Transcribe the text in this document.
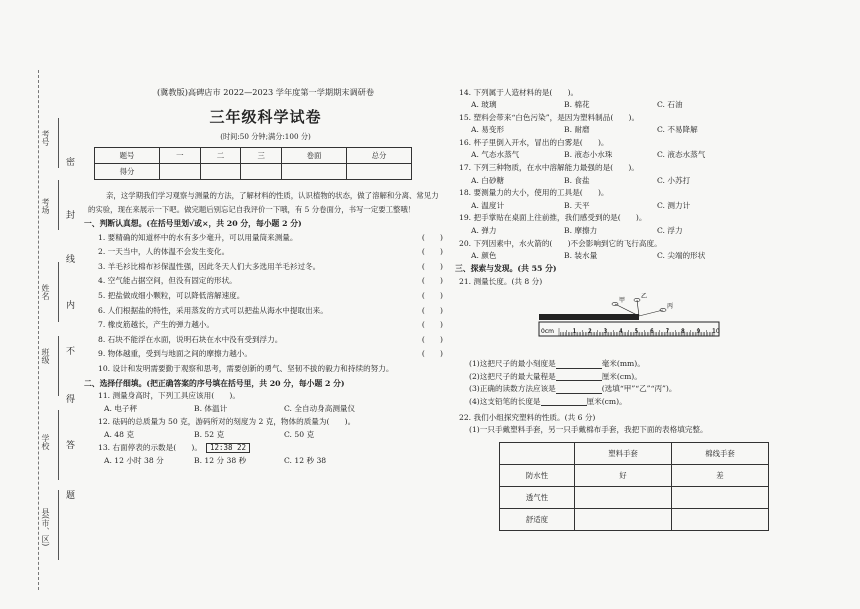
考号
考场
姓名
班级
学校
县(市、区)
密
封
线
内
不
得
答
题
(冀教版)高碑店市 2022—2023 学年度第一学期期末调研卷
三年级科学试卷
(时间:50 分钟;满分:100 分)
题号	一	二	三	卷面	总分
得分					
亲，这学期我们学习观察与测量的方法，了解材料的性质，认识植物的状态，做了溶解和分离、常见力的实验，现在来展示一下吧。做完题后别忘记自我评价一下哦，有 5 分卷面分，书写一定要工整哦！
一、判断认真想。(在括号里划√或×，共 20 分，每小题 2 分)
1. 要精确的知道杯中的水有多少毫升，可以用量筒来测量。	(　　)
2. 一天当中，人的体温不会发生变化。	(　　)
3. 羊毛衫比棉布衫保温性强，因此冬天人们大多选用羊毛衫过冬。	(　　)
4. 空气能占据空间，但没有固定的形状。	(　　)
5. 把盐做成细小颗粒，可以降低溶解速度。	(　　)
6. 人们根据盐的特性，采用蒸发的方式可以把盐从海水中提取出来。	(　　)
7. 橡皮筋越长，产生的弹力越小。	(　　)
8. 石块不能浮在水面，说明石块在水中没有受到浮力。	(　　)
9. 物体越重，受到与地面之间的摩擦力越小。	(　　)
10. 设计和发明需要勤于观察和思考，需要创新的勇气、坚韧不拔的毅力和持续的努力。
二、选择仔细填。(把正确答案的序号填在括号里，共 20 分，每小题 2 分)
11. 测量身高时，下列工具应该用(　　)。
A. 电子秤	B. 体温计	C. 全自动身高测量仪
12. 砝码的总质量为 50 克，游码所对的刻度为 2 克，物体的质量为(　　)。
A. 48 克	B. 52 克	C. 50 克
13. 右面停表的示数是(　　)。	12:38 22
A. 12 小时 38 分	B. 12 分 38 秒	C. 12 秒 38
14. 下列属于人造材料的是(　　)。
A. 玻璃	B. 棉花	C. 石油
15. 塑料会带来“白色污染”，是因为塑料制品(　　)。
A. 易变形	B. 耐磨	C. 不易降解
16. 杯子里倒入开水，冒出的白雾是(　　)。
A. 气态水蒸气	B. 液态小水珠	C. 液态水蒸气
17. 下列三种物质，在水中溶解能力最强的是(　　)。
A. 白砂糖	B. 食盐	C. 小苏打
18. 要测量力的大小，使用的工具是(　　)。
A. 温度计	B. 天平	C. 测力计
19. 把手掌贴在桌面上往前推，我们感受到的是(　　)。
A. 弹力	B. 摩擦力	C. 浮力
20. 下列因素中，水火箭的(　　)不会影响到它的飞行高度。
A. 颜色	B. 装水量	C. 尖端的形状
三、探索与发现。(共 55 分)
21. 测量长度。(共 8 分)
甲
乙
丙
1 2 3 4 5 6 7 8 9 10
0cm
(1)这把尺子的最小刻度是	毫米(mm)。
(2)这把尺子的最大量程是	厘米(cm)。
(3)正确的读数方法应该是	(选填“甲”“乙”“丙”)。
(4)这支铅笔的长度是	厘米(cm)。
22. 我们小组探究塑料的性质。(共 6 分)
(1)一只手戴塑料手套，另一只手戴棉布手套，我把下面的表格填完整。
	塑料手套	棉线手套
防水性	好	差
透气性		
舒适度		
